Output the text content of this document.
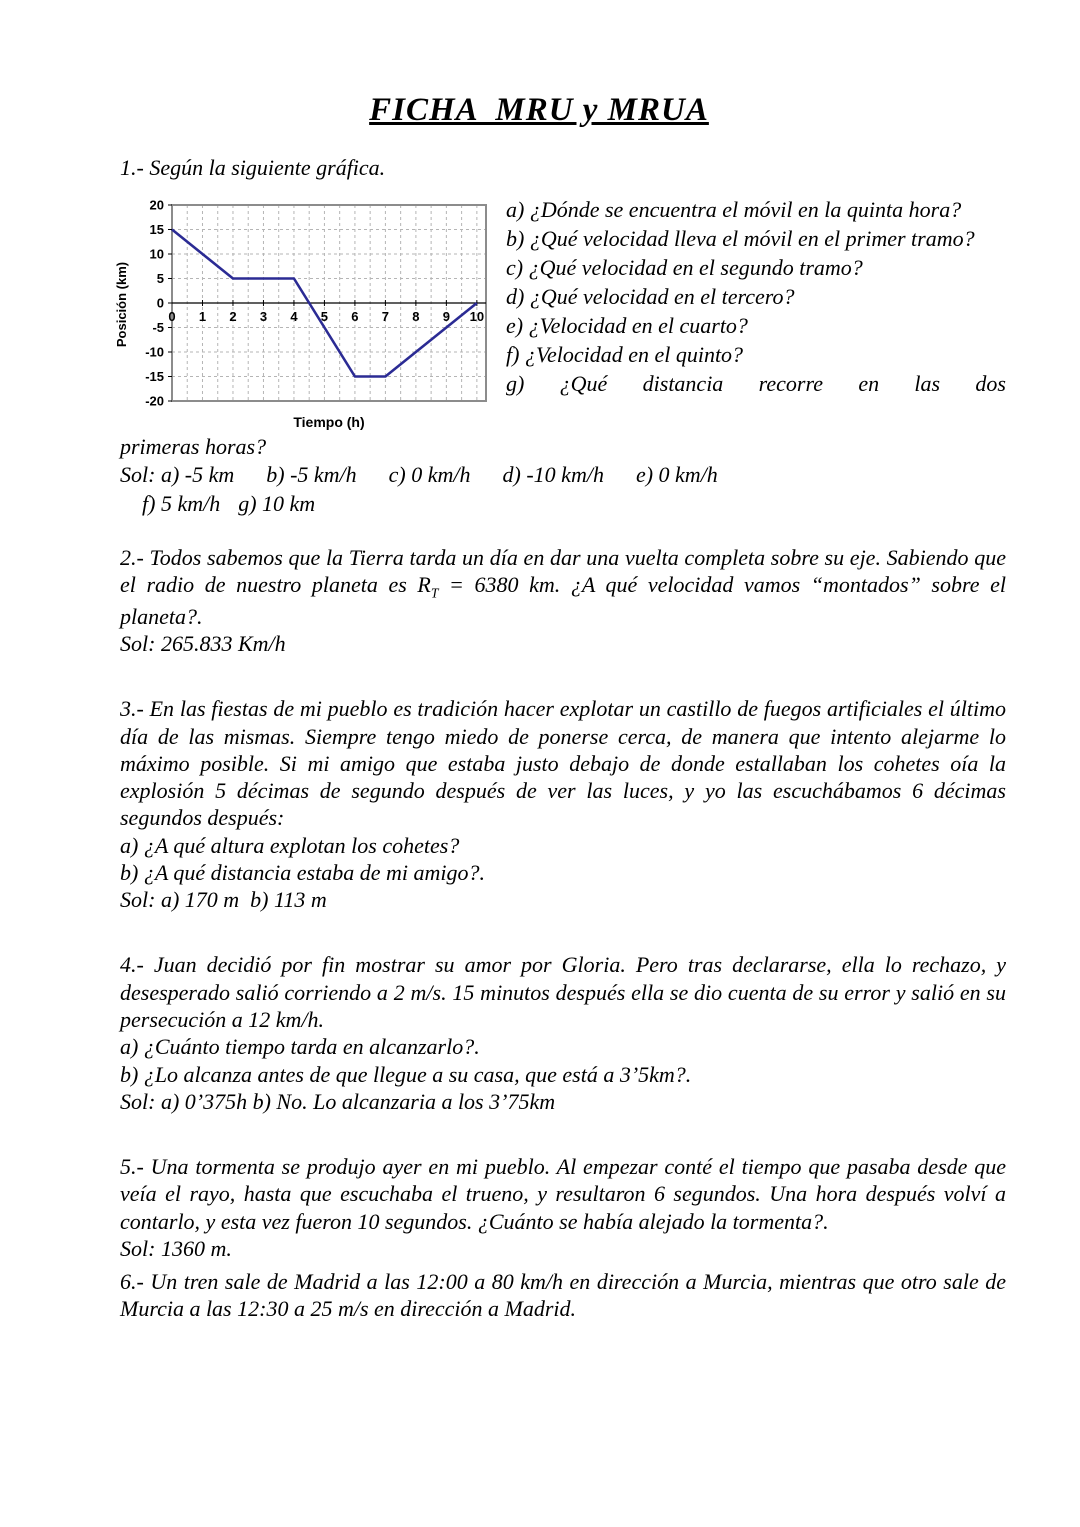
FICHA  MRU y MRUA
1.- Según la siguiente gráfica.
Posición (km)	0 1 2 3 4 5 6 7 8 9 10
20
15
10
5
0
-5
-10
-15
-20
Tiempo (h)
a) ¿Dónde se encuentra el móvil en la quinta hora?
b) ¿Qué velocidad lleva el móvil en el primer tramo?
c) ¿Qué velocidad en el segundo tramo?
d) ¿Qué velocidad en el tercero?
e) ¿Velocidad en el cuarto?
f) ¿Velocidad en el quinto?
g) ¿Qué distancia recorre en las dos
primeras horas?
Sol: a) -5 km b) -5 km/h c) 0 km/h d) -10 km/h e) 0 km/h
f) 5 km/h g) 10 km

2.- Todos sabemos que la Tierra tarda un día en dar una vuelta completa sobre su eje. Sabiendo que el radio de nuestro planeta es $R_T = 6380$ km. ¿A qué velocidad vamos “montados” sobre el planeta?.

Sol: 265.833 Km/h

3.- En las fiestas de mi pueblo es tradición hacer explotar un castillo de fuegos artificiales el último día de las mismas. Siempre tengo miedo de ponerse cerca, de manera que intento alejarme lo máximo posible. Si mi amigo que estaba justo debajo de donde estallaban los cohetes oía la explosión 5 décimas de segundo después de ver las luces, y yo las escuchábamos 6 décimas segundos después:

a) ¿A qué altura explotan los cohetes?
b) ¿A qué distancia estaba de mi amigo?.
Sol: a) 170 m  b) 113 m

4.- Juan decidió por fin mostrar su amor por Gloria. Pero tras declararse, ella lo rechazo, y desesperado salió corriendo a 2 m/s. 15 minutos después ella se dio cuenta de su error y salió en su persecución a 12 km/h.

a) ¿Cuánto tiempo tarda en alcanzarlo?.
b) ¿Lo alcanza antes de que llegue a su casa, que está a 3’5km?.
Sol: a) 0’375h b) No. Lo alcanzaria a los 3’75km

5.- Una tormenta se produjo ayer en mi pueblo. Al empezar conté el tiempo que pasaba desde que veía el rayo, hasta que escuchaba el trueno, y resultaron 6 segundos. Una hora después volví a contarlo, y esta vez fueron 10 segundos. ¿Cuánto se había alejado la tormenta?.

Sol: 1360 m.

6.- Un tren sale de Madrid a las 12:00 a 80 km/h en dirección a Murcia, mientras que otro sale de Murcia a las 12:30 a 25 m/s en dirección a Madrid.
